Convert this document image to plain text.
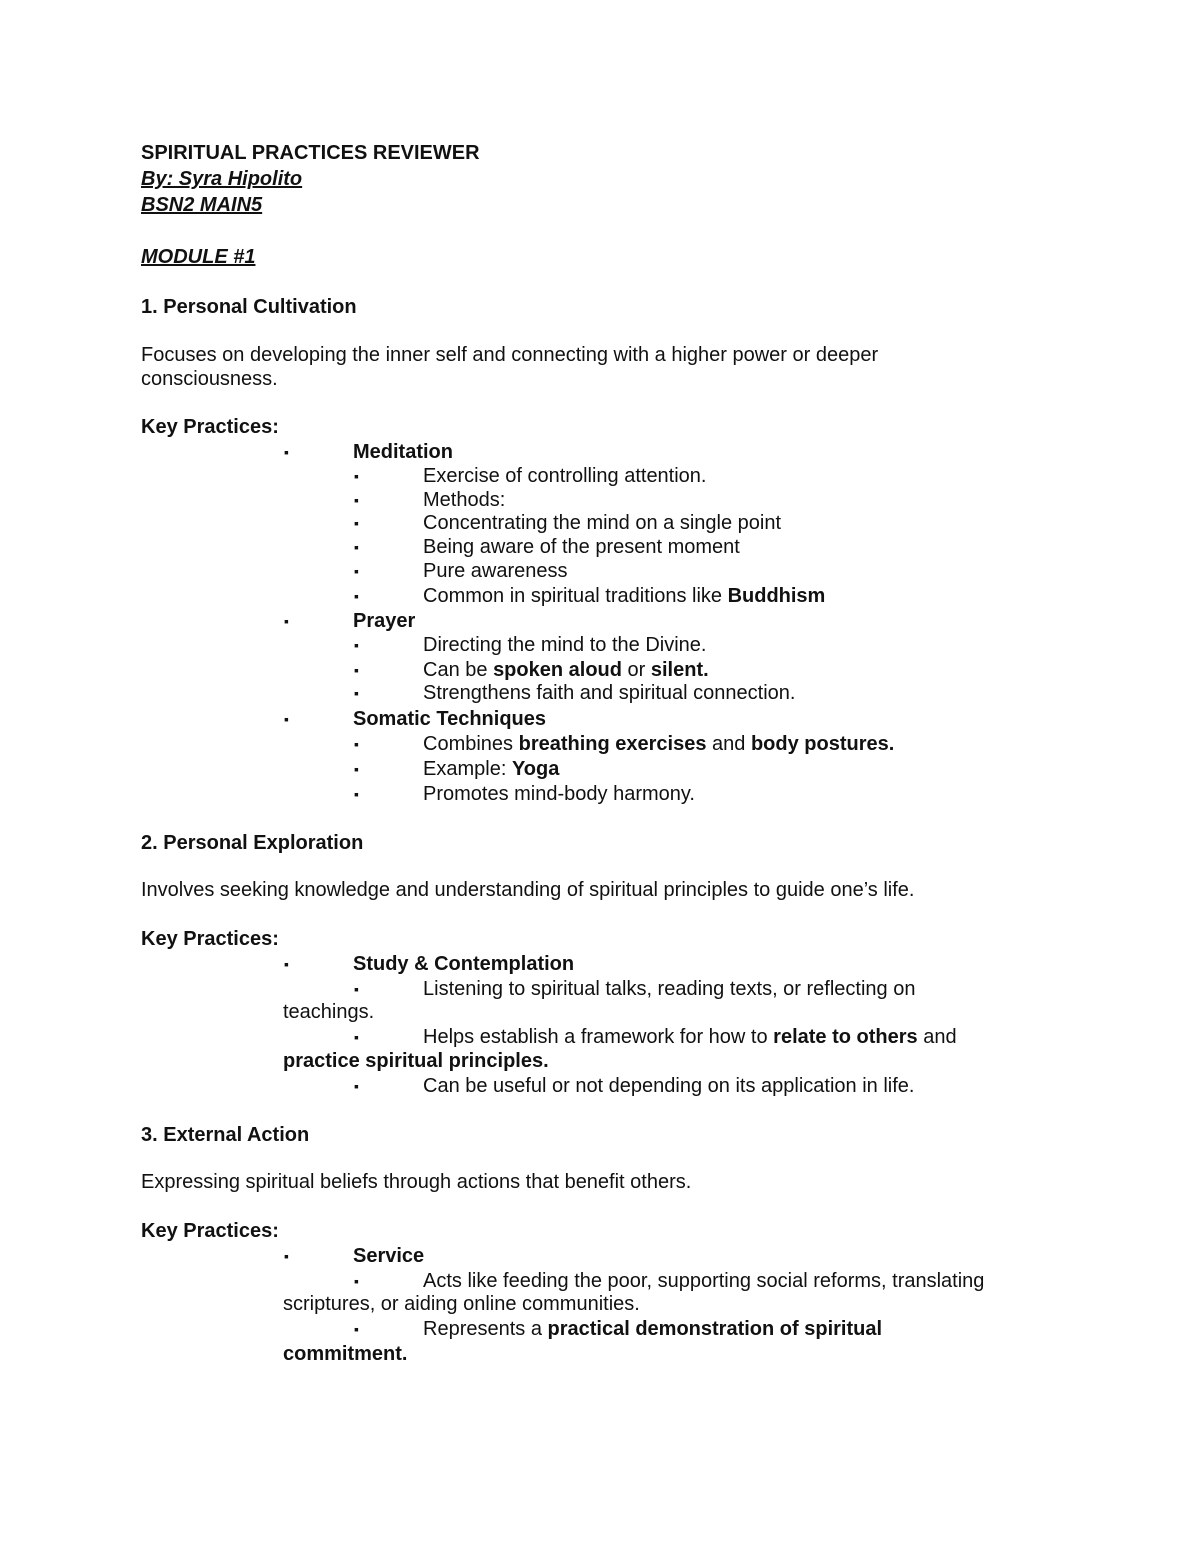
SPIRITUAL PRACTICES REVIEWER
By: Syra Hipolito
BSN2 MAIN5
MODULE #1
1. Personal Cultivation
Focuses on developing the inner self and connecting with a higher power or deeper
consciousness.
Key Practices:
▪	Meditation
▪	Exercise of controlling attention.
▪	Methods:
▪	Concentrating the mind on a single point
▪	Being aware of the present moment
▪	Pure awareness
▪	Common in spiritual traditions like Buddhism
▪	Prayer
▪	Directing the mind to the Divine.
▪	Can be spoken aloud or silent.
▪	Strengthens faith and spiritual connection.
▪	Somatic Techniques
▪	Combines breathing exercises and body postures.
▪	Example: Yoga
▪	Promotes mind-body harmony.
2. Personal Exploration
Involves seeking knowledge and understanding of spiritual principles to guide one’s life.
Key Practices:
▪	Study & Contemplation
▪	Listening to spiritual talks, reading texts, or reflecting on
teachings.
▪	Helps establish a framework for how to relate to others and
practice spiritual principles.
▪	Can be useful or not depending on its application in life.
3. External Action
Expressing spiritual beliefs through actions that benefit others.
Key Practices:
▪	Service
▪	Acts like feeding the poor, supporting social reforms, translating
scriptures, or aiding online communities.
▪	Represents a practical demonstration of spiritual
commitment.
